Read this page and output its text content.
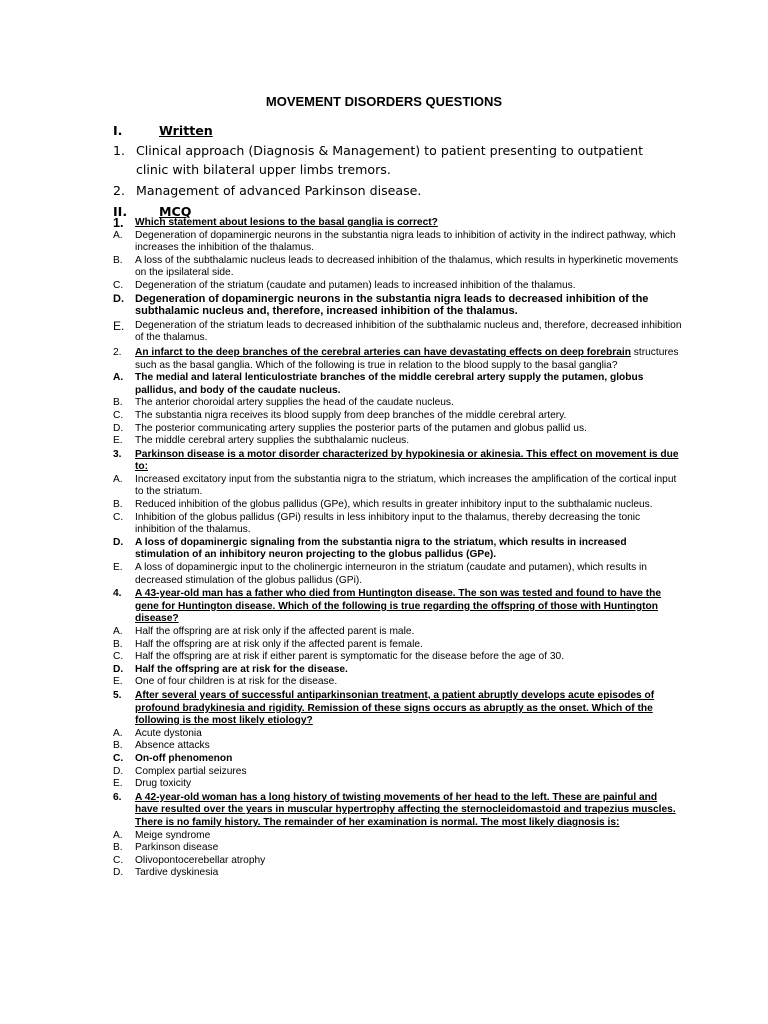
MOVEMENT DISORDERS QUESTIONS
I.	Written
1. Clinical approach (Diagnosis & Management) to patient presenting to outpatient clinic with bilateral upper limbs tremors.
2. Management of advanced Parkinson disease.
II.	MCQ
1.	Which statement about lesions to the basal ganglia is correct?
A.	Degeneration of dopaminergic neurons in the substantia nigra leads to inhibition of activity in the indirect pathway, which increases the inhibition of the thalamus.
B.	A loss of the subthalamic nucleus leads to decreased inhibition of the thalamus, which results in hyperkinetic movements on the ipsilateral side.
C.	Degeneration of the striatum (caudate and putamen) leads to increased inhibition of the thalamus.
D.	Degeneration of dopaminergic neurons in the substantia nigra leads to decreased inhibition of the subthalamic nucleus and, therefore, increased inhibition of the thalamus.
E.	Degeneration of the striatum leads to decreased inhibition of the subthalamic nucleus and, therefore, decreased inhibition of the thalamus.
2.	An infarct to the deep branches of the cerebral arteries can have devastating effects on deep forebrain structures such as the basal ganglia. Which of the following is true in relation to the blood supply to the basal ganglia?
A.	The medial and lateral lenticulostriate branches of the middle cerebral artery supply the putamen, globus pallidus, and body of the caudate nucleus.
B.	The anterior choroidal artery supplies the head of the caudate nucleus.
C.	The substantia nigra receives its blood supply from deep branches of the middle cerebral artery.
D.	The posterior communicating artery supplies the posterior parts of the putamen and globus pallid us.
E.	The middle cerebral artery supplies the subthalamic nucleus.
3.	Parkinson disease is a motor disorder characterized by hypokinesia or akinesia. This effect on movement is due to:
A.	Increased excitatory input from the substantia nigra to the striatum, which increases the amplification of the cortical input to the striatum.
B.	Reduced inhibition of the globus pallidus (GPe), which results in greater inhibitory input to the subthalamic nucleus.
C.	Inhibition of the globus pallidus (GPi) results in less inhibitory input to the thalamus, thereby decreasing the tonic inhibition of the thalamus.
D.	A loss of dopaminergic signaling from the substantia nigra to the striatum, which results in increased stimulation of an inhibitory neuron projecting to the globus pallidus (GPe).
E.	A loss of dopaminergic input to the cholinergic interneuron in the striatum (caudate and putamen), which results in decreased stimulation of the globus pallidus (GPi).
4.	A 43-year-old man has a father who died from Huntington disease. The son was tested and found to have the gene for Huntington disease. Which of the following is true regarding the offspring of those with Huntington disease?
A.	Half the offspring are at risk only if the affected parent is male.
B.	Half the offspring are at risk only if the affected parent is female.
C.	Half the offspring are at risk if either parent is symptomatic for the disease before the age of 30.
D.	Half the offspring are at risk for the disease.
E.	One of four children is at risk for the disease.
5.	After several years of successful antiparkinsonian treatment, a patient abruptly develops acute episodes of profound bradykinesia and rigidity. Remission of these signs occurs as abruptly as the onset. Which of the following is the most likely etiology?
A.	Acute dystonia
B.	Absence attacks
C.	On-off phenomenon
D.	Complex partial seizures
E.	Drug toxicity
6.	A 42-year-old woman has a long history of twisting movements of her head to the left. These are painful and have resulted over the years in muscular hypertrophy affecting the sternocleidomastoid and trapezius muscles. There is no family history. The remainder of her examination is normal. The most likely diagnosis is:
A.	Meige syndrome
B.	Parkinson disease
C.	Olivopontocerebellar atrophy
D.	Tardive dyskinesia
